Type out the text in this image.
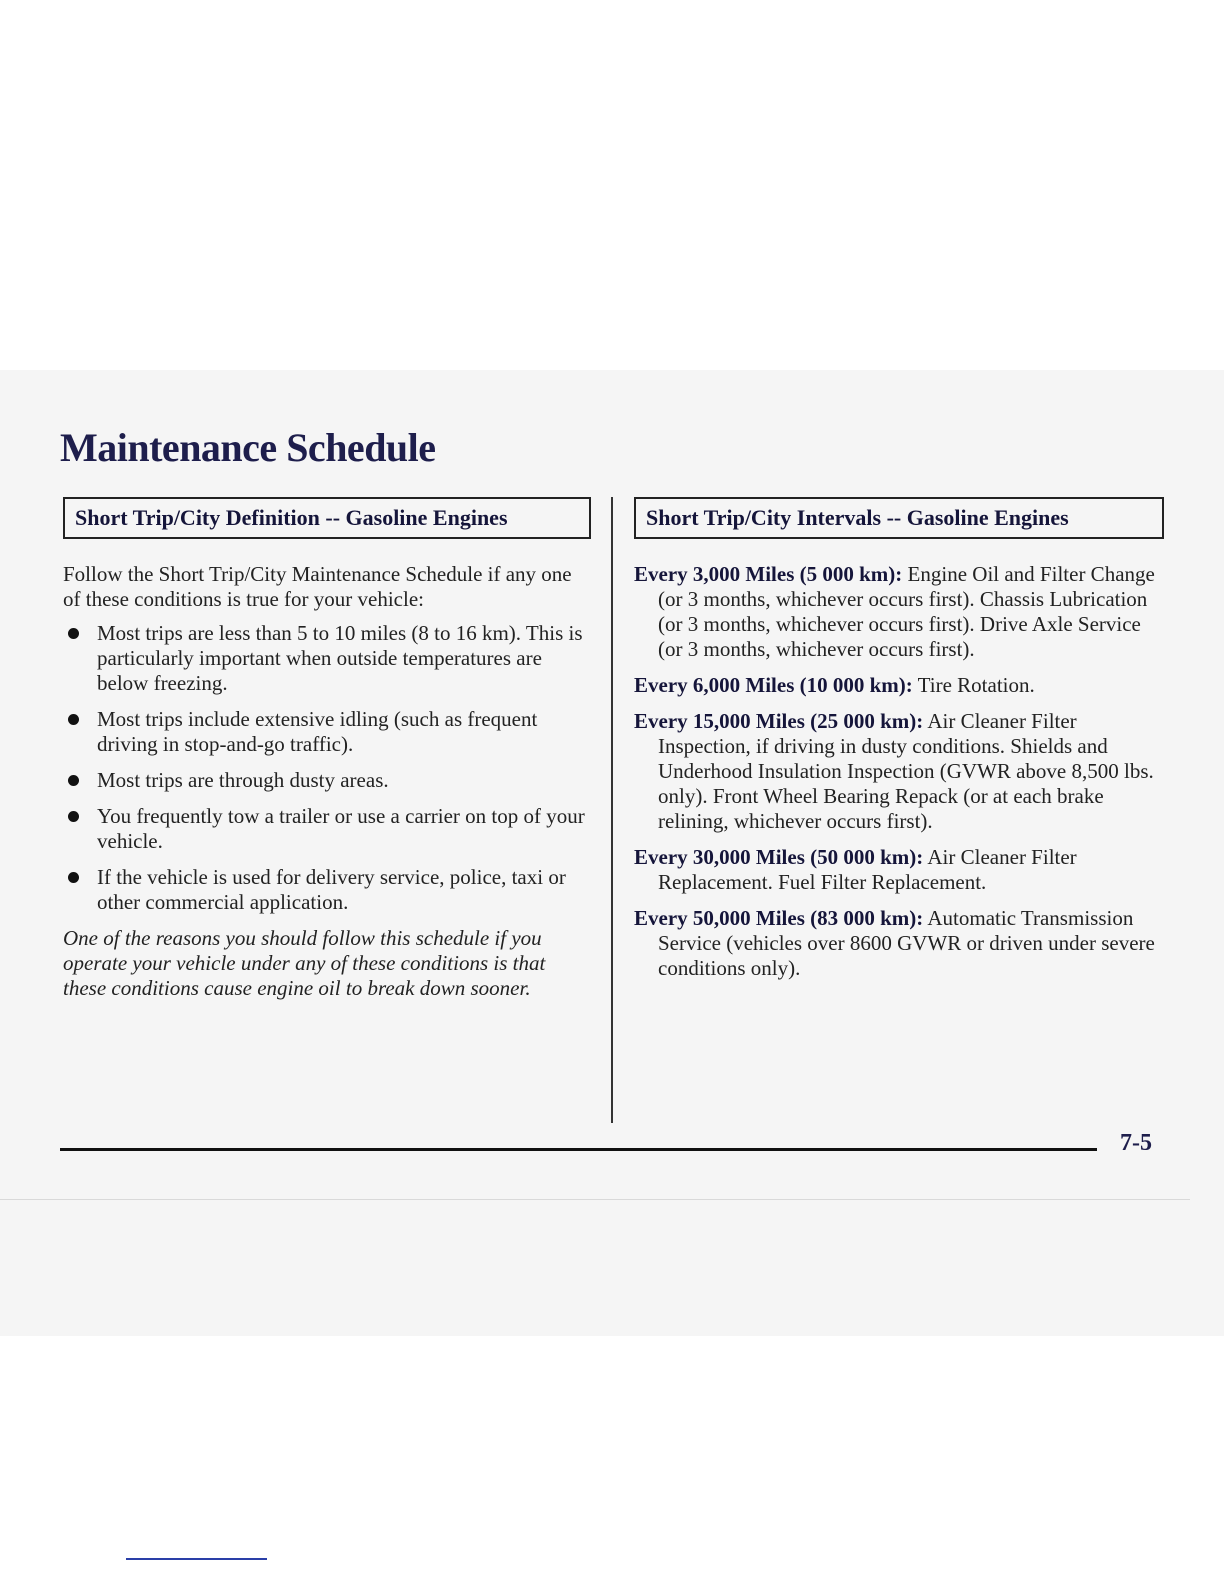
Maintenance Schedule
Short Trip/City Definition -- Gasoline Engines
Follow the Short Trip/City Maintenance Schedule if any one of these conditions is true for your vehicle:
Most trips are less than 5 to 10 miles (8 to 16 km). This is particularly important when outside temperatures are below freezing.
Most trips include extensive idling (such as frequent driving in stop-and-go traffic).
Most trips are through dusty areas.
You frequently tow a trailer or use a carrier on top of your vehicle.
If the vehicle is used for delivery service, police, taxi or other commercial application.
One of the reasons you should follow this schedule if you operate your vehicle under any of these conditions is that these conditions cause engine oil to break down sooner.
Short Trip/City Intervals -- Gasoline Engines
Every 3,000 Miles (5 000 km): Engine Oil and Filter Change (or 3 months, whichever occurs first). Chassis Lubrication (or 3 months, whichever occurs first). Drive Axle Service (or 3 months, whichever occurs first).
Every 6,000 Miles (10 000 km): Tire Rotation.
Every 15,000 Miles (25 000 km): Air Cleaner Filter Inspection, if driving in dusty conditions. Shields and Underhood Insulation Inspection (GVWR above 8,500 lbs. only). Front Wheel Bearing Repack (or at each brake relining, whichever occurs first).
Every 30,000 Miles (50 000 km): Air Cleaner Filter Replacement. Fuel Filter Replacement.
Every 50,000 Miles (83 000 km): Automatic Transmission Service (vehicles over 8600 GVWR or driven under severe conditions only).
7-5
